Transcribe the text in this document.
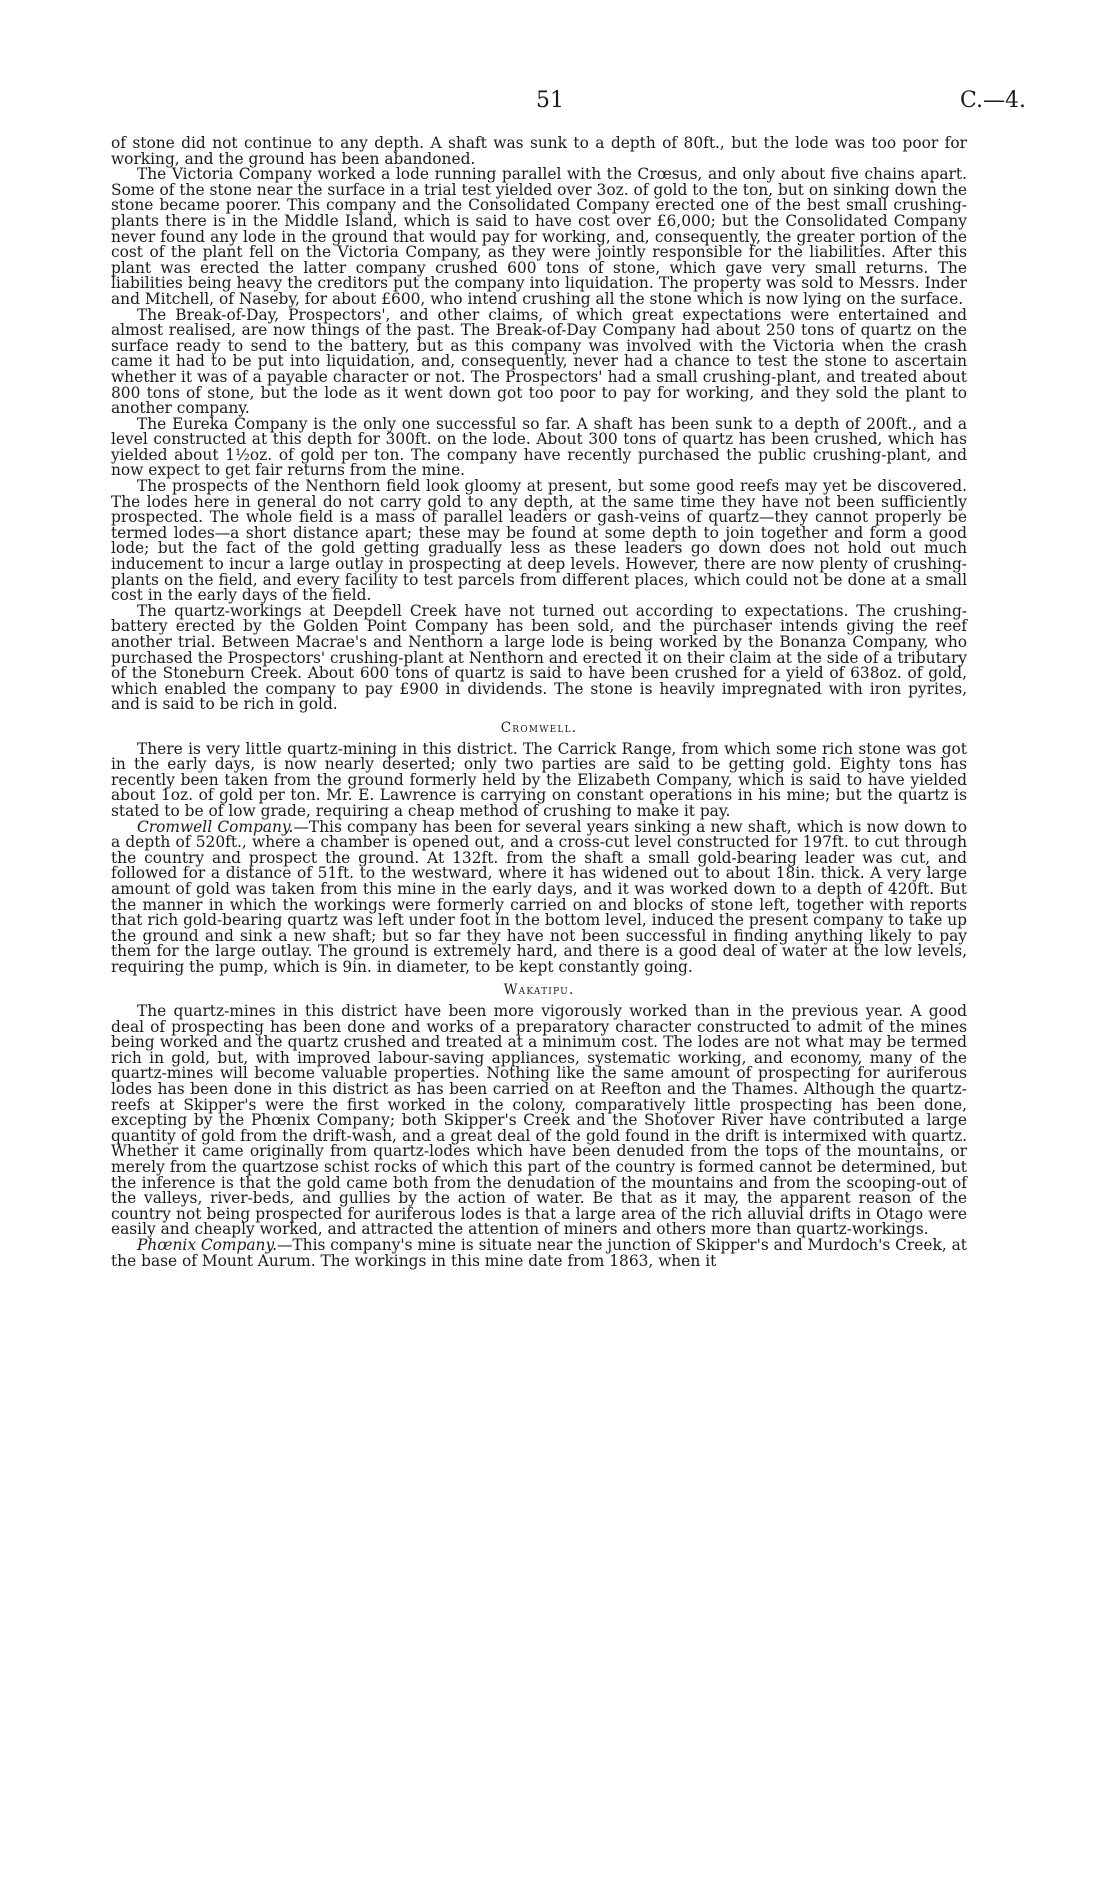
51	C.—4.

of stone did not continue to any depth. A shaft was sunk to a depth of 80ft., but the lode was too poor for working, and the ground has been abandoned.

The Victoria Company worked a lode running parallel with the Crœsus, and only about five chains apart. Some of the stone near the surface in a trial test yielded over 3oz. of gold to the ton, but on sinking down the stone became poorer. This company and the Consolidated Company erected one of the best small crushing-plants there is in the Middle Island, which is said to have cost over £6,000; but the Consolidated Company never found any lode in the ground that would pay for working, and, consequently, the greater portion of the cost of the plant fell on the Victoria Company, as they were jointly responsible for the liabilities. After this plant was erected the latter company crushed 600 tons of stone, which gave very small returns. The liabilities being heavy the creditors put the company into liquidation. The property was sold to Messrs. Inder and Mitchell, of Naseby, for about £600, who intend crushing all the stone which is now lying on the surface.

The Break-of-Day, Prospectors', and other claims, of which great expectations were entertained and almost realised, are now things of the past. The Break-of-Day Company had about 250 tons of quartz on the surface ready to send to the battery, but as this company was involved with the Victoria when the crash came it had to be put into liquidation, and, consequently, never had a chance to test the stone to ascertain whether it was of a payable character or not. The Prospectors' had a small crushing-plant, and treated about 800 tons of stone, but the lode as it went down got too poor to pay for working, and they sold the plant to another company.

The Eureka Company is the only one successful so far. A shaft has been sunk to a depth of 200ft., and a level constructed at this depth for 300ft. on the lode. About 300 tons of quartz has been crushed, which has yielded about 1½oz. of gold per ton. The company have recently purchased the public crushing-plant, and now expect to get fair returns from the mine.

The prospects of the Nenthorn field look gloomy at present, but some good reefs may yet be discovered. The lodes here in general do not carry gold to any depth, at the same time they have not been sufficiently prospected. The whole field is a mass of parallel leaders or gash-veins of quartz—they cannot properly be termed lodes—a short distance apart; these may be found at some depth to join together and form a good lode; but the fact of the gold getting gradually less as these leaders go down does not hold out much inducement to incur a large outlay in prospecting at deep levels. However, there are now plenty of crushing-plants on the field, and every facility to test parcels from different places, which could not be done at a small cost in the early days of the field.

The quartz-workings at Deepdell Creek have not turned out according to expectations. The crushing-battery erected by the Golden Point Company has been sold, and the purchaser intends giving the reef another trial. Between Macrae's and Nenthorn a large lode is being worked by the Bonanza Company, who purchased the Prospectors' crushing-plant at Nenthorn and erected it on their claim at the side of a tributary of the Stoneburn Creek. About 600 tons of quartz is said to have been crushed for a yield of 638oz. of gold, which enabled the company to pay £900 in dividends. The stone is heavily impregnated with iron pyrites, and is said to be rich in gold.

Cromwell.

There is very little quartz-mining in this district. The Carrick Range, from which some rich stone was got in the early days, is now nearly deserted; only two parties are said to be getting gold. Eighty tons has recently been taken from the ground formerly held by the Elizabeth Company, which is said to have yielded about 1oz. of gold per ton. Mr. E. Lawrence is carrying on constant operations in his mine; but the quartz is stated to be of low grade, requiring a cheap method of crushing to make it pay.

Cromwell Company.—This company has been for several years sinking a new shaft, which is now down to a depth of 520ft., where a chamber is opened out, and a cross-cut level constructed for 197ft. to cut through the country and prospect the ground. At 132ft. from the shaft a small gold-bearing leader was cut, and followed for a distance of 51ft. to the westward, where it has widened out to about 18in. thick. A very large amount of gold was taken from this mine in the early days, and it was worked down to a depth of 420ft. But the manner in which the workings were formerly carried on and blocks of stone left, together with reports that rich gold-bearing quartz was left under foot in the bottom level, induced the present company to take up the ground and sink a new shaft; but so far they have not been successful in finding anything likely to pay them for the large outlay. The ground is extremely hard, and there is a good deal of water at the low levels, requiring the pump, which is 9in. in diameter, to be kept constantly going.

Wakatipu.

The quartz-mines in this district have been more vigorously worked than in the previous year. A good deal of prospecting has been done and works of a preparatory character constructed to admit of the mines being worked and the quartz crushed and treated at a minimum cost. The lodes are not what may be termed rich in gold, but, with improved labour-saving appliances, systematic working, and economy, many of the quartz-mines will become valuable properties. Nothing like the same amount of prospecting for auriferous lodes has been done in this district as has been carried on at Reefton and the Thames. Although the quartz-reefs at Skipper's were the first worked in the colony, comparatively little prospecting has been done, excepting by the Phœnix Company; both Skipper's Creek and the Shotover River have contributed a large quantity of gold from the drift-wash, and a great deal of the gold found in the drift is intermixed with quartz. Whether it came originally from quartz-lodes which have been denuded from the tops of the mountains, or merely from the quartzose schist rocks of which this part of the country is formed cannot be determined, but the inference is that the gold came both from the denudation of the mountains and from the scooping-out of the valleys, river-beds, and gullies by the action of water. Be that as it may, the apparent reason of the country not being prospected for auriferous lodes is that a large area of the rich alluvial drifts in Otago were easily and cheaply worked, and attracted the attention of miners and others more than quartz-workings.

Phœnix Company.—This company's mine is situate near the junction of Skipper's and Murdoch's Creek, at the base of Mount Aurum. The workings in this mine date from 1863, when it
